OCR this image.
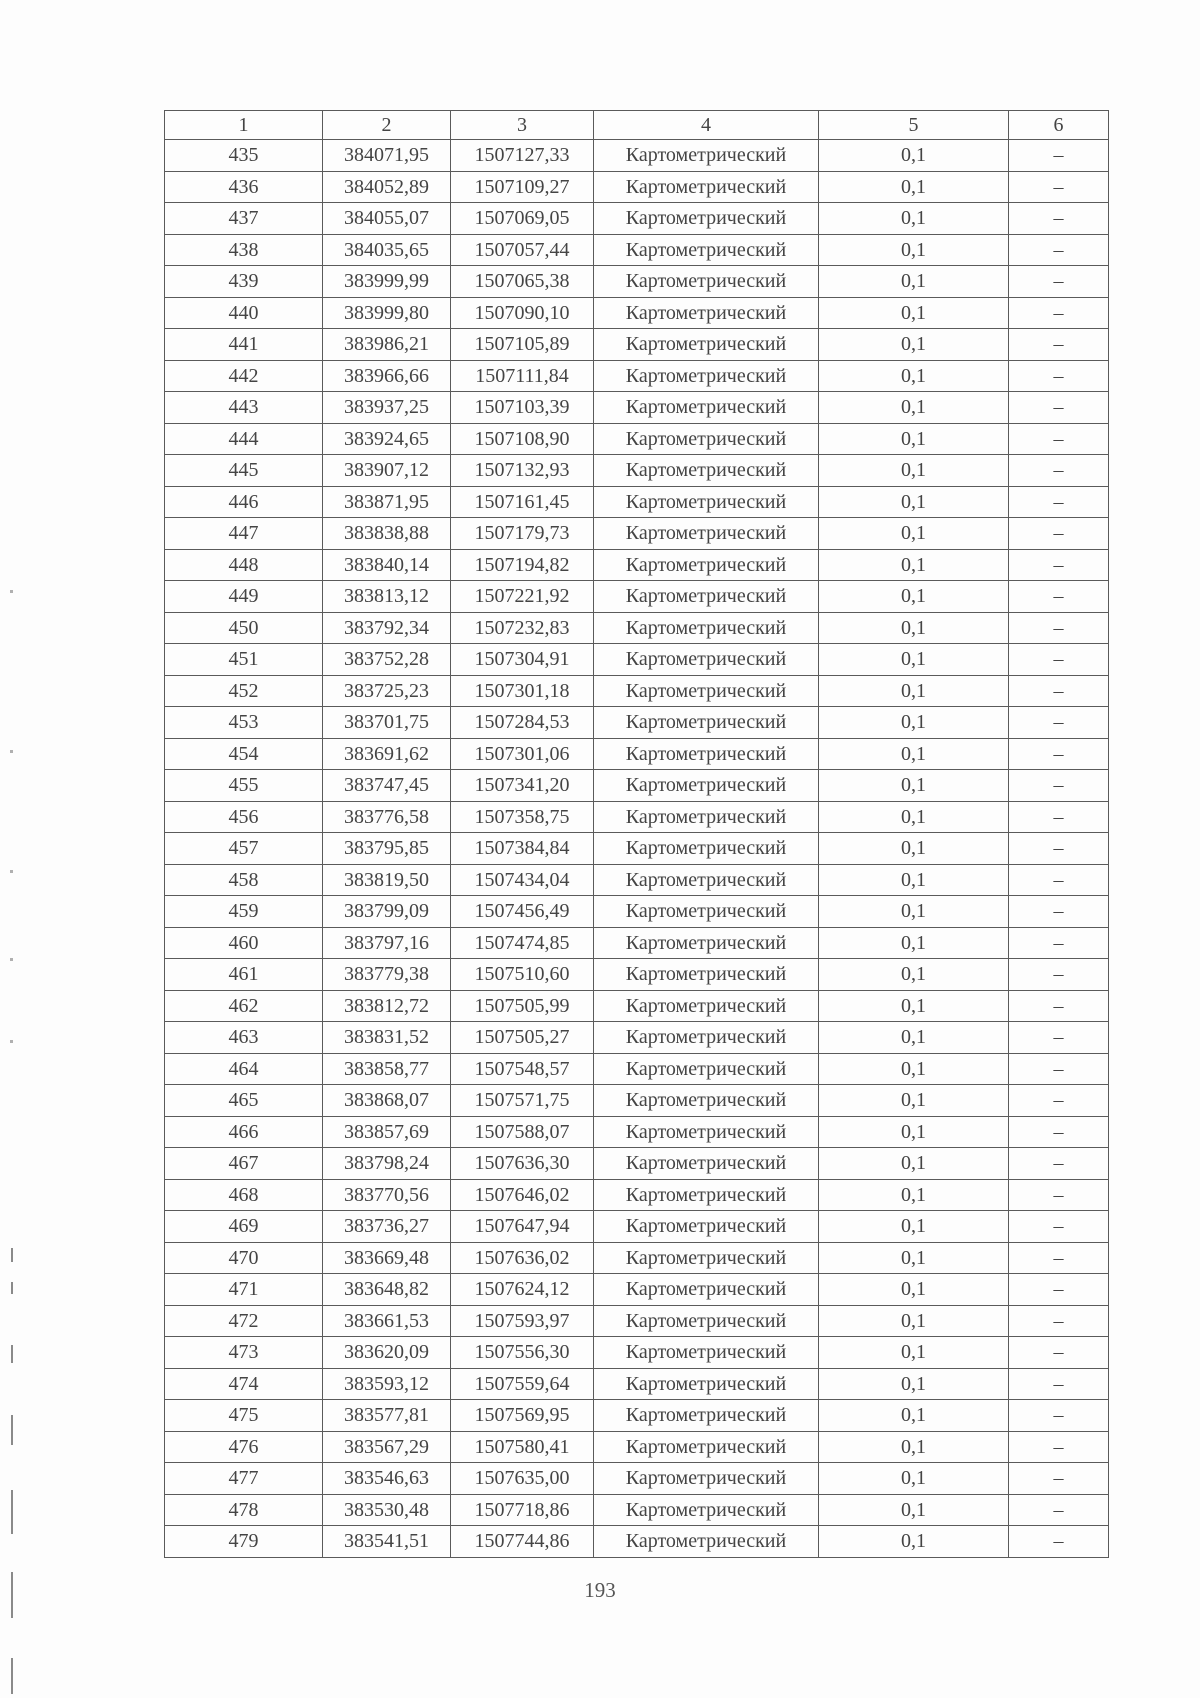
1	2	3	4	5	6
435	384071,95	1507127,33	Картометрический	0,1	–
436	384052,89	1507109,27	Картометрический	0,1	–
437	384055,07	1507069,05	Картометрический	0,1	–
438	384035,65	1507057,44	Картометрический	0,1	–
439	383999,99	1507065,38	Картометрический	0,1	–
440	383999,80	1507090,10	Картометрический	0,1	–
441	383986,21	1507105,89	Картометрический	0,1	–
442	383966,66	1507111,84	Картометрический	0,1	–
443	383937,25	1507103,39	Картометрический	0,1	–
444	383924,65	1507108,90	Картометрический	0,1	–
445	383907,12	1507132,93	Картометрический	0,1	–
446	383871,95	1507161,45	Картометрический	0,1	–
447	383838,88	1507179,73	Картометрический	0,1	–
448	383840,14	1507194,82	Картометрический	0,1	–
449	383813,12	1507221,92	Картометрический	0,1	–
450	383792,34	1507232,83	Картометрический	0,1	–
451	383752,28	1507304,91	Картометрический	0,1	–
452	383725,23	1507301,18	Картометрический	0,1	–
453	383701,75	1507284,53	Картометрический	0,1	–
454	383691,62	1507301,06	Картометрический	0,1	–
455	383747,45	1507341,20	Картометрический	0,1	–
456	383776,58	1507358,75	Картометрический	0,1	–
457	383795,85	1507384,84	Картометрический	0,1	–
458	383819,50	1507434,04	Картометрический	0,1	–
459	383799,09	1507456,49	Картометрический	0,1	–
460	383797,16	1507474,85	Картометрический	0,1	–
461	383779,38	1507510,60	Картометрический	0,1	–
462	383812,72	1507505,99	Картометрический	0,1	–
463	383831,52	1507505,27	Картометрический	0,1	–
464	383858,77	1507548,57	Картометрический	0,1	–
465	383868,07	1507571,75	Картометрический	0,1	–
466	383857,69	1507588,07	Картометрический	0,1	–
467	383798,24	1507636,30	Картометрический	0,1	–
468	383770,56	1507646,02	Картометрический	0,1	–
469	383736,27	1507647,94	Картометрический	0,1	–
470	383669,48	1507636,02	Картометрический	0,1	–
471	383648,82	1507624,12	Картометрический	0,1	–
472	383661,53	1507593,97	Картометрический	0,1	–
473	383620,09	1507556,30	Картометрический	0,1	–
474	383593,12	1507559,64	Картометрический	0,1	–
475	383577,81	1507569,95	Картометрический	0,1	–
476	383567,29	1507580,41	Картометрический	0,1	–
477	383546,63	1507635,00	Картометрический	0,1	–
478	383530,48	1507718,86	Картометрический	0,1	–
479	383541,51	1507744,86	Картометрический	0,1	–
193
